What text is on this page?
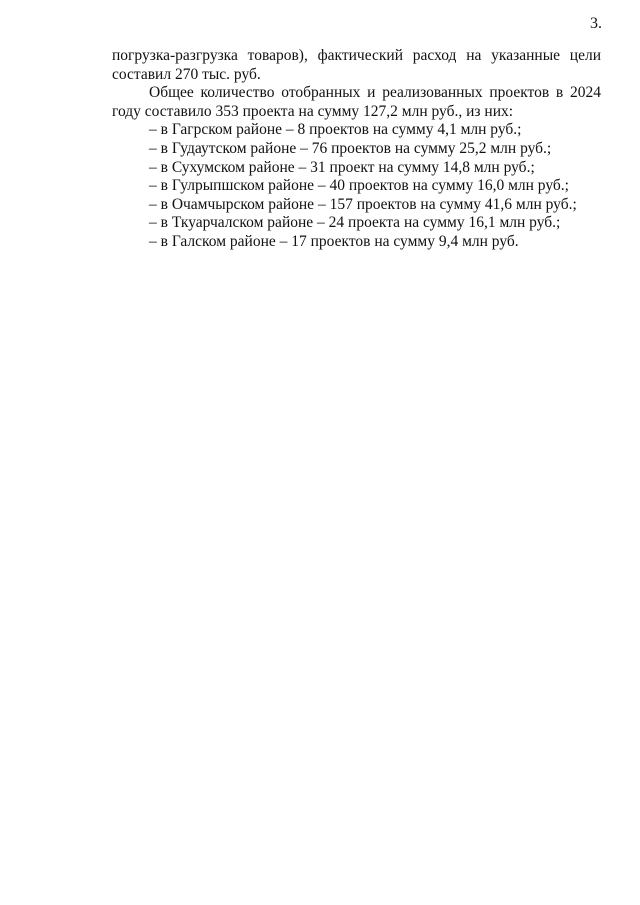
3.
погрузка-разгрузка товаров), фактический расход на указанные цели
составил 270 тыс. руб.
Общее количество отобранных и реализованных проектов в 2024
году составило 353 проекта на сумму 127,2 млн руб., из них:
– в Гагрском районе – 8 проектов на сумму 4,1 млн руб.;
– в Гудаутском районе – 76 проектов на сумму 25,2 млн руб.;
– в Сухумском районе – 31 проект на сумму 14,8 млн руб.;
– в Гулрыпшском районе – 40 проектов на сумму 16,0 млн руб.;
– в Очамчырском районе – 157 проектов на сумму 41,6 млн руб.;
– в Ткуарчалском районе – 24 проекта на сумму 16,1 млн руб.;
– в Галском районе – 17 проектов на сумму 9,4 млн руб.
